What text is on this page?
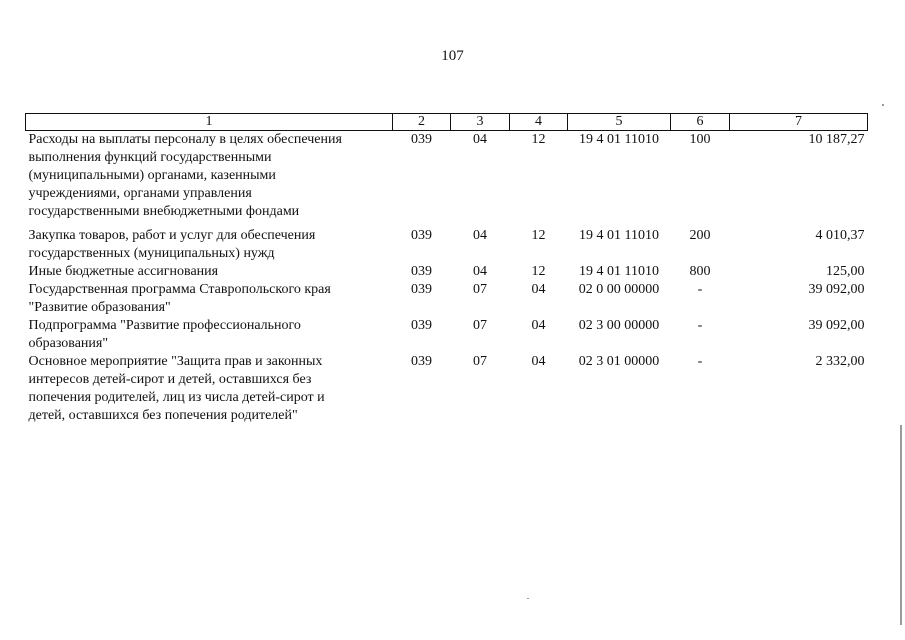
107
1	2	3	4	5	6	7

Расходы на выплаты персоналу в целях обеспечения
выполнения функций государственными
(муниципальными) органами, казенными
учреждениями, органами управления
государственными внебюджетными фондами	039	04	12	19 4 01 11010	100	10 187,27

Закупка товаров, работ и услуг для обеспечения
государственных (муниципальных) нужд	039	04	12	19 4 01 11010	200	4 010,37

Иные бюджетные ассигнования	039	04	12	19 4 01 11010	800	125,00

Государственная программа Ставропольского края
"Развитие образования"	039	07	04	02 0 00 00000	-	39 092,00

Подпрограмма "Развитие профессионального
образования"	039	07	04	02 3 00 00000	-	39 092,00

Основное мероприятие "Защита прав и законных
интересов детей-сирот и детей, оставшихся без
попечения родителей, лиц из числа детей-сирот и
детей, оставшихся без попечения родителей"	039	07	04	02 3 01 00000	-	2 332,00
